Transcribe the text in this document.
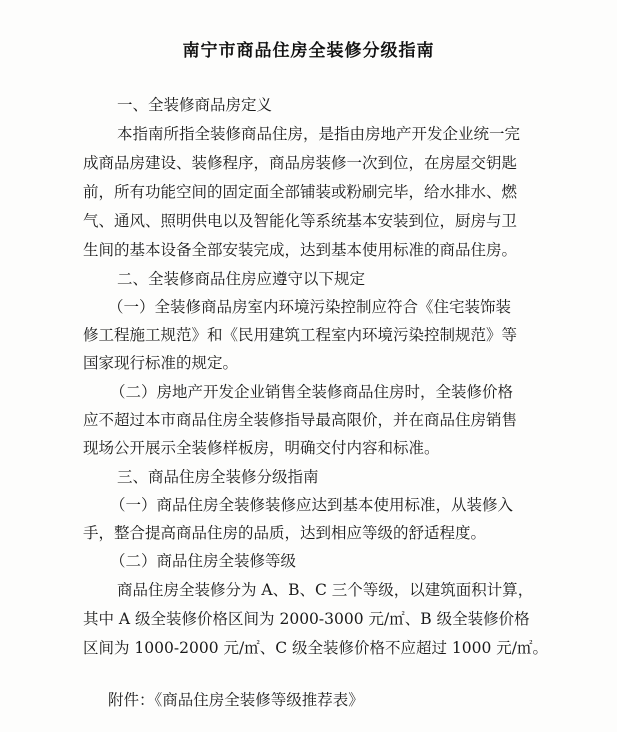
南宁市商品住房全装修分级指南
一、全装修商品房定义
本指南所指全装修商品住房，是指由房地产开发企业统一完
成商品房建设、装修程序，商品房装修一次到位，在房屋交钥匙
前，所有功能空间的固定面全部铺装或粉刷完毕，给水排水、燃
气、通风、照明供电以及智能化等系统基本安装到位，厨房与卫
生间的基本设备全部安装完成，达到基本使用标准的商品住房。
二、全装修商品住房应遵守以下规定
（一）全装修商品房室内环境污染控制应符合《住宅装饰装
修工程施工规范》和《民用建筑工程室内环境污染控制规范》等
国家现行标准的规定。
（二）房地产开发企业销售全装修商品住房时，全装修价格
应不超过本市商品住房全装修指导最高限价，并在商品住房销售
现场公开展示全装修样板房，明确交付内容和标准。
三、商品住房全装修分级指南
（一）商品住房全装修装修应达到基本使用标准，从装修入
手，整合提高商品住房的品质，达到相应等级的舒适程度。
（二）商品住房全装修等级
商品住房全装修分为 A、B、C 三个等级，以建筑面积计算，
其中 A 级全装修价格区间为 2000-3000 元/㎡、B 级全装修价格
区间为 1000-2000 元/㎡、C 级全装修价格不应超过 1000 元/㎡。
附件：《商品住房全装修等级推荐表》
